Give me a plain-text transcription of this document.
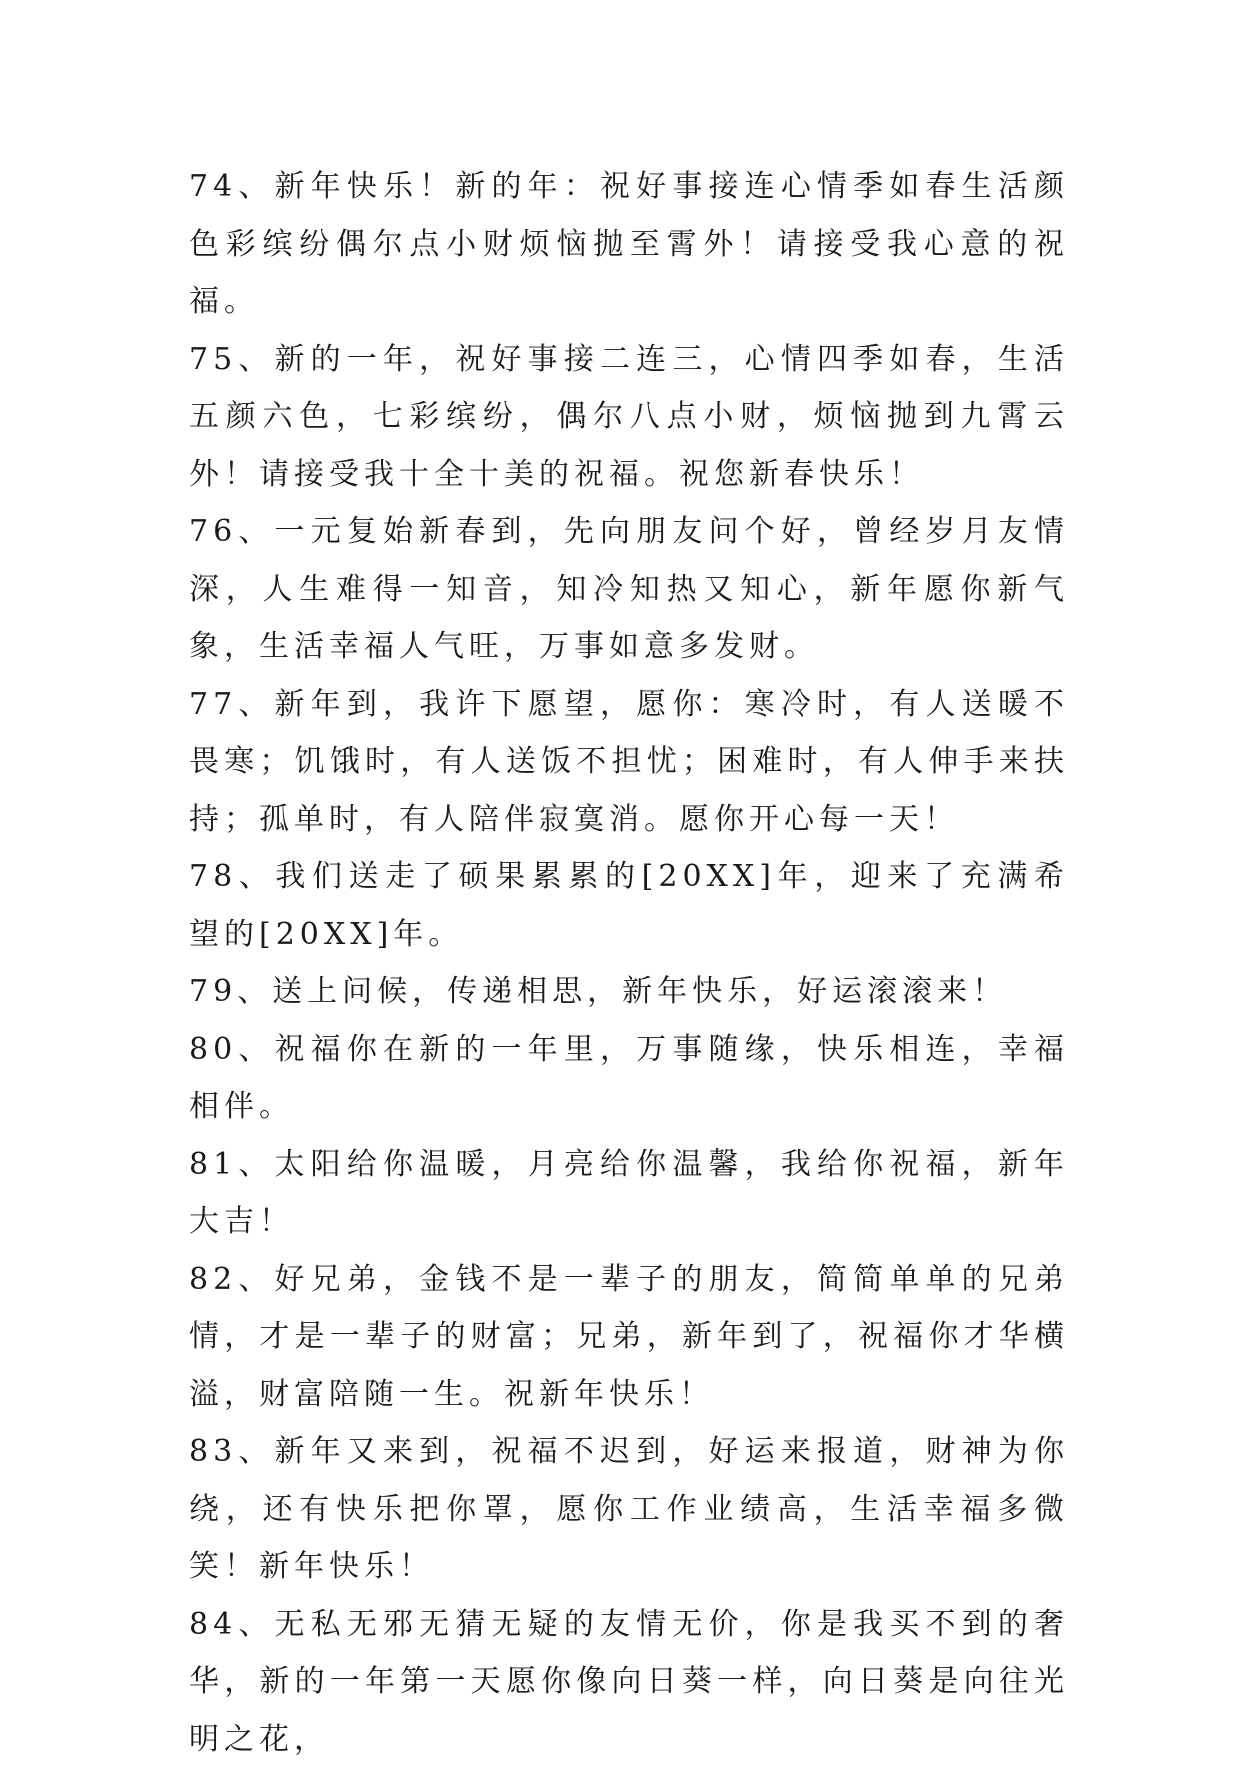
74、新年快乐！新的年：祝好事接连心情季如春生活颜色彩缤纷偶尔点小财烦恼抛至霄外！请接受我心意的祝福。

75、新的一年，祝好事接二连三，心情四季如春，生活五颜六色，七彩缤纷，偶尔八点小财，烦恼抛到九霄云外！请接受我十全十美的祝福。祝您新春快乐！

76、一元复始新春到，先向朋友问个好，曾经岁月友情深，人生难得一知音，知冷知热又知心，新年愿你新气象，生活幸福人气旺，万事如意多发财。

77、新年到，我许下愿望，愿你：寒冷时，有人送暖不畏寒；饥饿时，有人送饭不担忧；困难时，有人伸手来扶持；孤单时，有人陪伴寂寞消。愿你开心每一天！

78、我们送走了硕果累累的[20XX]年，迎来了充满希望的[20XX]年。

79、送上问候，传递相思，新年快乐，好运滚滚来！

80、祝福你在新的一年里，万事随缘，快乐相连，幸福相伴。

81、太阳给你温暖，月亮给你温馨，我给你祝福，新年大吉！

82、好兄弟，金钱不是一辈子的朋友，简简单单的兄弟情，才是一辈子的财富；兄弟，新年到了，祝福你才华横溢，财富陪随一生。祝新年快乐！

83、新年又来到，祝福不迟到，好运来报道，财神为你绕，还有快乐把你罩，愿你工作业绩高，生活幸福多微笑！新年快乐！

84、无私无邪无猜无疑的友情无价，你是我买不到的奢华，新的一年第一天愿你像向日葵一样，向日葵是向往光明之花，
